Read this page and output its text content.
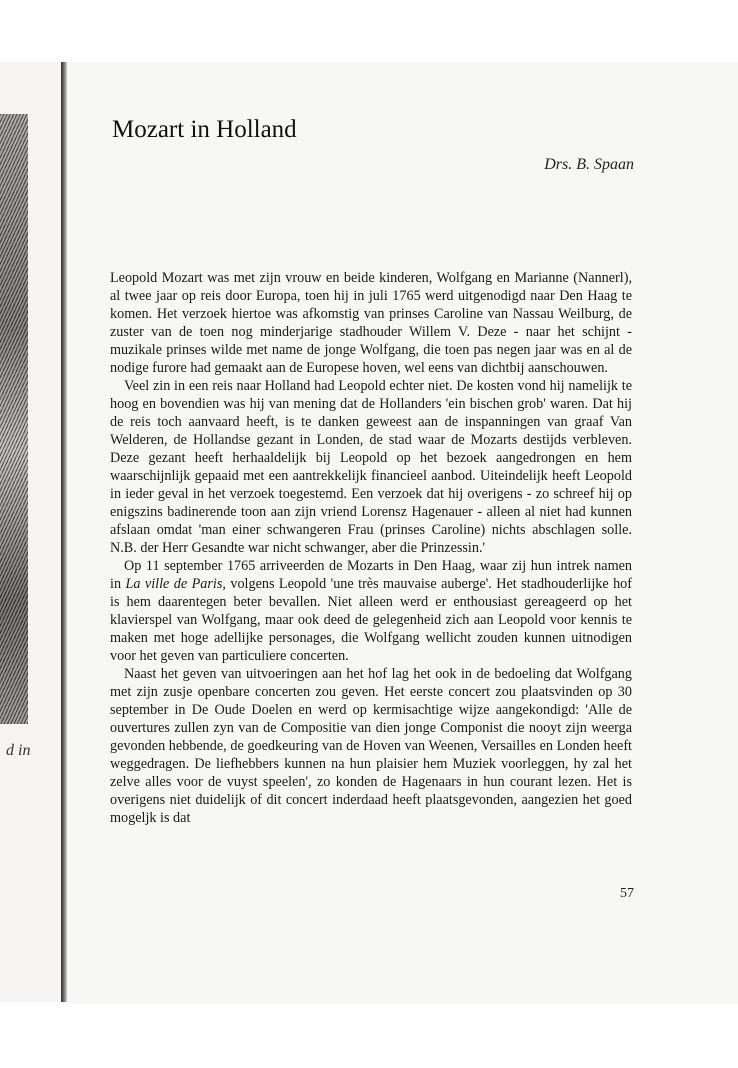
d in
Mozart in Holland
Drs. B. Spaan

Leopold Mozart was met zijn vrouw en beide kinderen, Wolfgang en Marianne (Nannerl), al twee jaar op reis door Europa, toen hij in juli 1765 werd uitgenodigd naar Den Haag te komen. Het verzoek hiertoe was afkomstig van prinses Caroline van Nassau Weilburg, de zuster van de toen nog minderjarige stadhouder Willem V. Deze - naar het schijnt - muzikale prinses wilde met name de jonge Wolfgang, die toen pas negen jaar was en al de nodige furore had gemaakt aan de Europese hoven, wel eens van dichtbij aanschouwen.

Veel zin in een reis naar Holland had Leopold echter niet. De kosten vond hij namelijk te hoog en bovendien was hij van mening dat de Hollanders 'ein bischen grob' waren. Dat hij de reis toch aanvaard heeft, is te danken geweest aan de inspanningen van graaf Van Welderen, de Hollandse gezant in Londen, de stad waar de Mozarts destijds verbleven. Deze gezant heeft herhaaldelijk bij Leopold op het bezoek aangedrongen en hem waarschijnlijk gepaaid met een aantrekkelijk financieel aanbod. Uiteindelijk heeft Leopold in ieder geval in het verzoek toegestemd. Een verzoek dat hij overigens - zo schreef hij op enigszins badinerende toon aan zijn vriend Lorensz Hagenauer - alleen al niet had kunnen afslaan omdat 'man einer schwangeren Frau (prinses Caroline) nichts abschlagen solle. N.B. der Herr Gesandte war nicht schwanger, aber die Prinzessin.'

Op 11 september 1765 arriveerden de Mozarts in Den Haag, waar zij hun intrek namen in La ville de Paris, volgens Leopold 'une très mauvaise auberge'. Het stadhouderlijke hof is hem daarentegen beter bevallen. Niet alleen werd er enthousiast gereageerd op het klavierspel van Wolfgang, maar ook deed de gelegenheid zich aan Leopold voor kennis te maken met hoge adellijke personages, die Wolfgang wellicht zouden kunnen uitnodigen voor het geven van particuliere concerten.

Naast het geven van uitvoeringen aan het hof lag het ook in de bedoeling dat Wolfgang met zijn zusje openbare concerten zou geven. Het eerste concert zou plaatsvinden op 30 september in De Oude Doelen en werd op kermisachtige wijze aangekondigd: 'Alle de ouvertures zullen zyn van de Compositie van dien jonge Componist die nooyt zijn weerga gevonden hebbende, de goedkeuring van de Hoven van Weenen, Versailles en Londen heeft weggedragen. De liefhebbers kunnen na hun plaisier hem Muziek voorleggen, hy zal het zelve alles voor de vuyst speelen', zo konden de Hagenaars in hun courant lezen. Het is overigens niet duidelijk of dit concert inderdaad heeft plaatsgevonden, aangezien het goed mogeljk is dat

57
